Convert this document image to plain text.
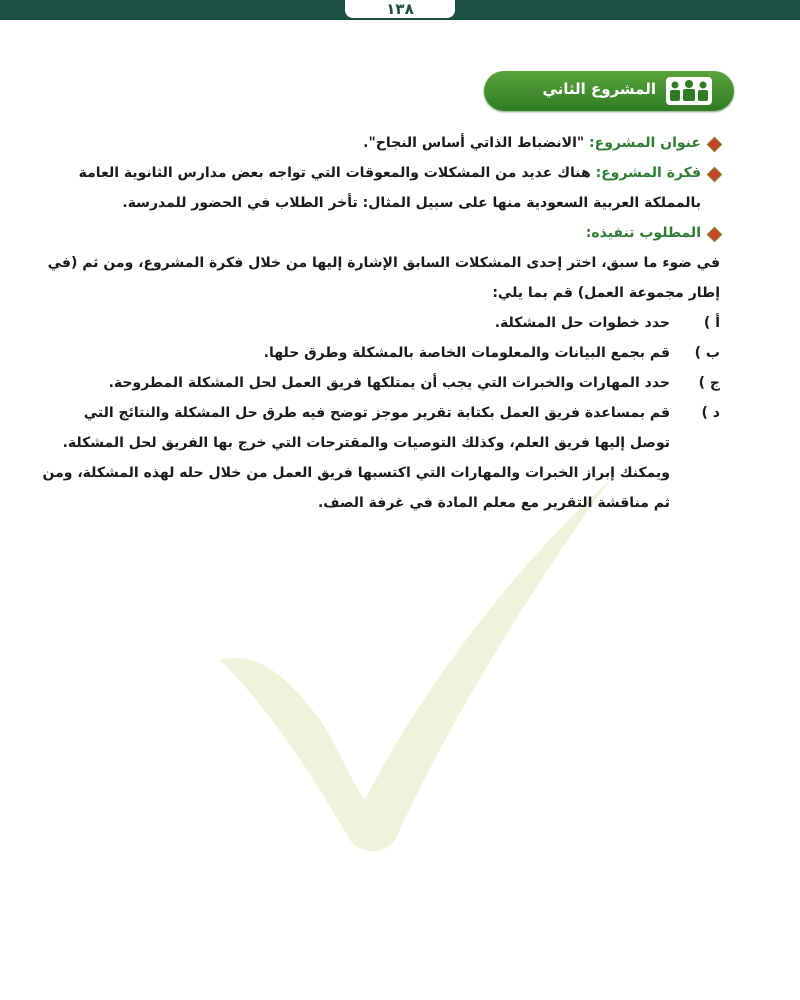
١٣٨
المشروع الثاني
عنوان المشروع: "الانضباط الذاتي أساس النجاح".
فكرة المشروع: هناك عديد من المشكلات والمعوقات التي تواجه بعض مدارس الثانوية العامة بالمملكة العربية السعودية منها على سبيل المثال: تأخر الطلاب في الحضور للمدرسة.
المطلوب تنفيذه:
في ضوء ما سبق، اختر إحدى المشكلات السابق الإشارة إليها من خلال فكرة المشروع، ومن ثم (في إطار مجموعة العمل) قم بما يلي:
أ )
حدد خطوات حل المشكلة.
ب )
قم بجمع البيانات والمعلومات الخاصة بالمشكلة وطرق حلها.
ج )
حدد المهارات والخبرات التي يجب أن يمتلكها فريق العمل لحل المشكلة المطروحة.
د )
قم بمساعدة فريق العمل بكتابة تقرير موجز توضح فيه طرق حل المشكلة والنتائج التي توصل إليها فريق العلم، وكذلك التوصيات والمقترحات التي خرج بها الفريق لحل المشكلة. ويمكنك إبراز الخبرات والمهارات التي اكتسبها فريق العمل من خلال حله لهذه المشكلة، ومن ثم مناقشة التقرير مع معلم المادة في غرفة الصف.
